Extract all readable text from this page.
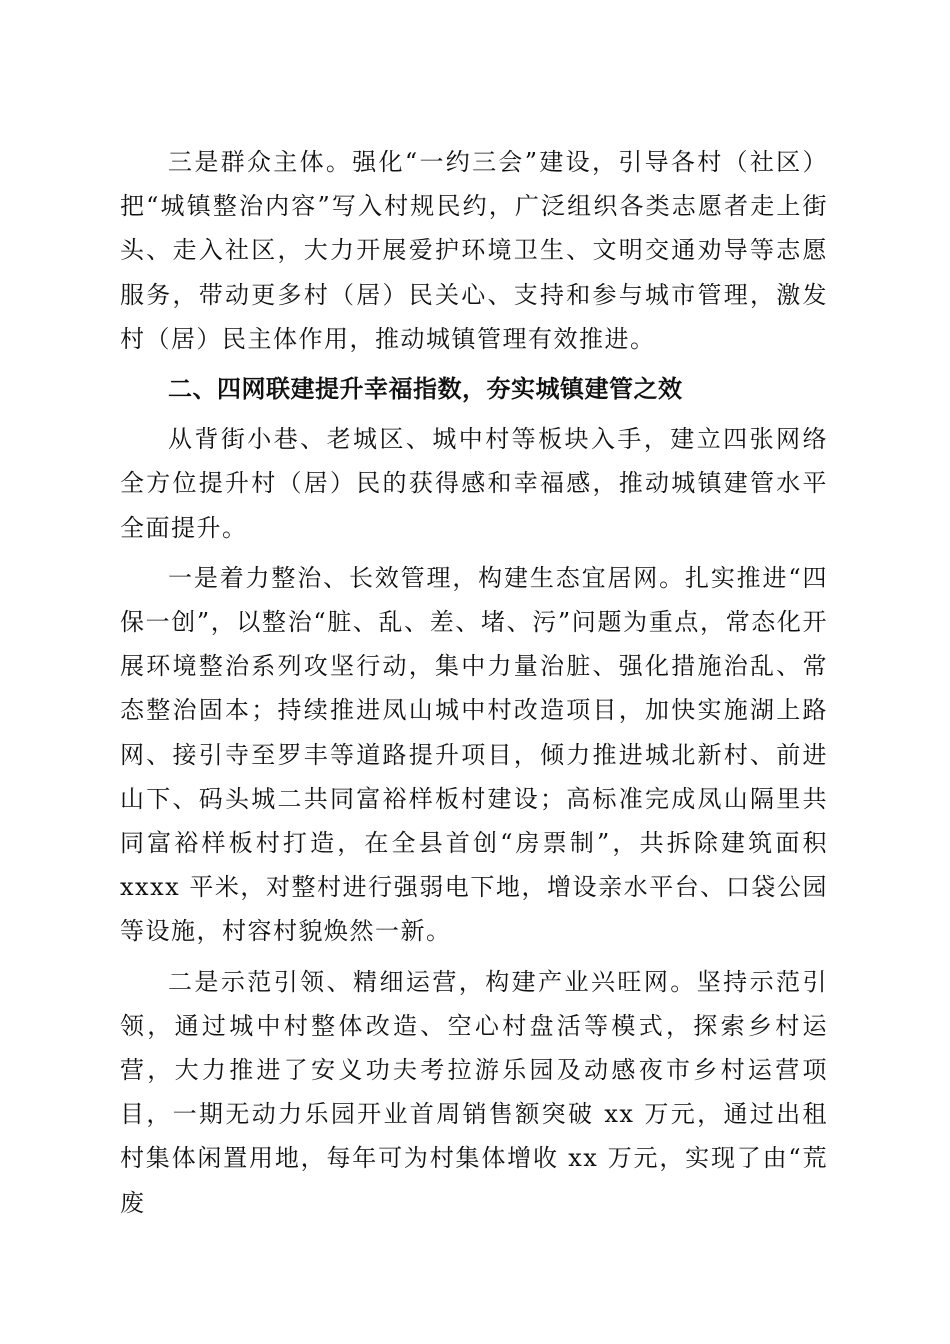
三是群众主体。强化“一约三会”建设，引导各村（社区）把“城镇整治内容”写入村规民约，广泛组织各类志愿者走上街头、走入社区，大力开展爱护环境卫生、文明交通劝导等志愿服务，带动更多村（居）民关心、支持和参与城市管理，激发村（居）民主体作用，推动城镇管理有效推进。

二、四网联建提升幸福指数，夯实城镇建管之效

从背街小巷、老城区、城中村等板块入手，建立四张网络全方位提升村（居）民的获得感和幸福感，推动城镇建管水平全面提升。

一是着力整治、长效管理，构建生态宜居网。扎实推进“四保一创”，以整治“脏、乱、差、堵、污”问题为重点，常态化开展环境整治系列攻坚行动，集中力量治脏、强化措施治乱、常态整治固本；持续推进凤山城中村改造项目，加快实施湖上路网、接引寺至罗丰等道路提升项目，倾力推进城北新村、前进山下、码头城二共同富裕样板村建设；高标准完成凤山隔里共同富裕样板村打造，在全县首创“房票制”，共拆除建筑面积 xxxx 平米，对整村进行强弱电下地，增设亲水平台、口袋公园等设施，村容村貌焕然一新。

二是示范引领、精细运营，构建产业兴旺网。坚持示范引领，通过城中村整体改造、空心村盘活等模式，探索乡村运营，大力推进了安义功夫考拉游乐园及动感夜市乡村运营项目，一期无动力乐园开业首周销售额突破 xx 万元，通过出租村集体闲置用地，每年可为村集体增收 xx 万元，实现了由“荒废
